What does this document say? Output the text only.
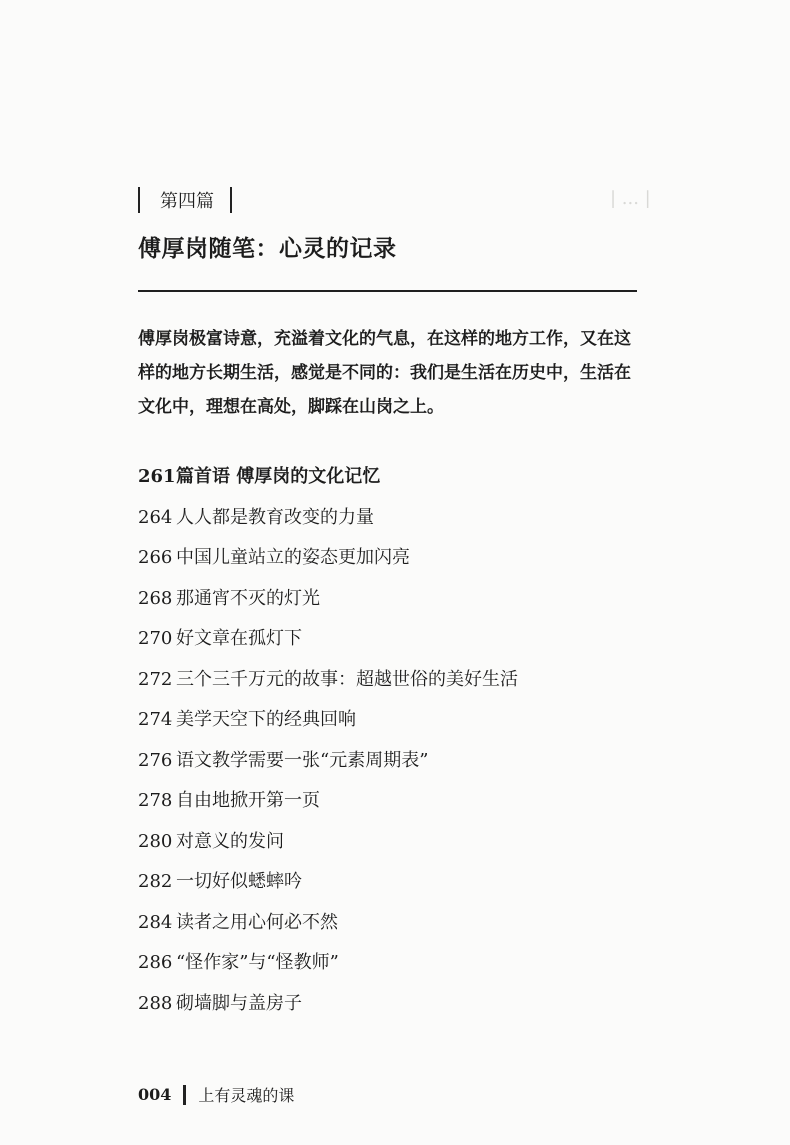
| ... |
第四篇
傅厚岗随笔：心灵的记录
傅厚岗极富诗意，充溢着文化的气息，在这样的地方工作，又在这样的地方长期生活，感觉是不同的：我们是生活在历史中，生活在文化中，理想在高处，脚踩在山岗之上。
261 篇首语 傅厚岗的文化记忆
264 人人都是教育改变的力量
266 中国儿童站立的姿态更加闪亮
268 那通宵不灭的灯光
270 好文章在孤灯下
272 三个三千万元的故事：超越世俗的美好生活
274 美学天空下的经典回响
276 语文教学需要一张“元素周期表”
278 自由地掀开第一页
280 对意义的发问
282 一切好似蟋蟀吟
284 读者之用心何必不然
286 “怪作家”与“怪教师”
288 砌墙脚与盖房子
004 上有灵魂的课
